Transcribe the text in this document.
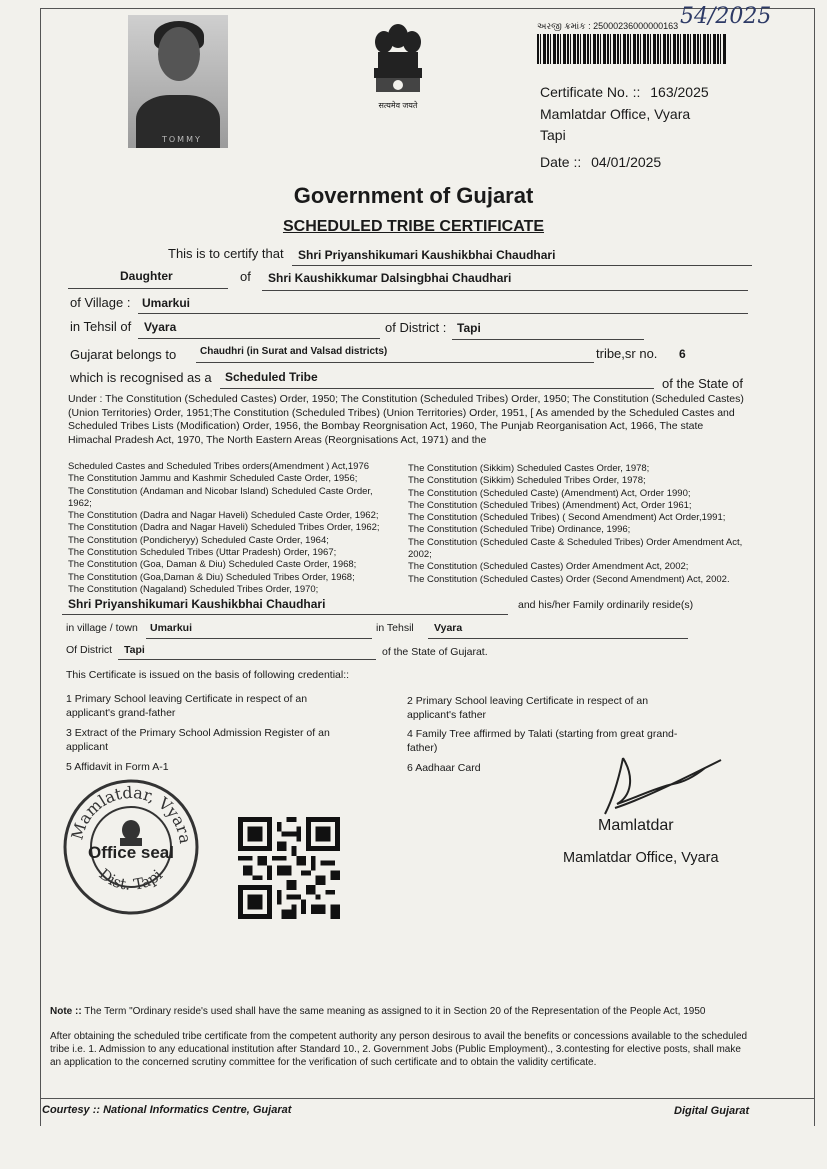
TOMMY
सत्यमेव जयते
અરજી ક્રમાંક : 25000236000000163 54/2025
Certificate No. :: 163/2025
Mamlatdar Office, Vyara
Tapi
Date :: 04/01/2025
Government of Gujarat
SCHEDULED TRIBE CERTIFICATE
This is to certify that Shri Priyanshikumari Kaushikbhai Chaudhari
Daughter	of Shri Kaushikkumar Dalsingbhai Chaudhari
of Village : Umarkui
in Tehsil of Vyara	of District : Tapi
Gujarat belongs to Chaudhri (in Surat and Valsad districts)	tribe,sr no. 6
which is recognised as a Scheduled Tribe	of the State of
Under : The Constitution (Scheduled Castes) Order, 1950; The Constitution (Scheduled Tribes) Order, 1950; The Constitution (Scheduled Castes) (Union Territories) Order, 1951;The Constitution (Scheduled Tribes) (Union Territories) Order, 1951, [ As amended by the Scheduled Castes and Scheduled Tribes Lists (Modification) Order, 1956, the Bombay Reorgnisation Act, 1960, The Punjab Reorganisation Act, 1966, The state Himachal Pradesh Act, 1970, The North Eastern Areas (Reorgnisations Act, 1971) and the
Scheduled Castes and Scheduled Tribes orders(Amendment ) Act,1976
The Constitution Jammu and Kashmir Scheduled Caste Order, 1956;
The Constitution (Andaman and Nicobar Island) Scheduled Caste Order, 1962;
The Constitution (Dadra and Nagar Haveli) Scheduled Caste Order, 1962;
The Constitution (Dadra and Nagar Haveli) Scheduled Tribes Order, 1962;
The Constitution (Pondicheryy) Scheduled Caste Order, 1964;
The Constitution Scheduled Tribes (Uttar Pradesh) Order, 1967;
The Constitution (Goa, Daman & Diu) Scheduled Caste Order, 1968;
The Constitution (Goa,Daman & Diu) Scheduled Tribes Order, 1968;
The Constitution (Nagaland) Scheduled Tribes Order, 1970;
The Constitution (Sikkim) Scheduled Castes Order, 1978;
The Constitution (Sikkim) Scheduled Tribes Order, 1978;
The Constitution (Scheduled Caste) (Amendment) Act, Order 1990;
The Constitution (Scheduled Tribes) (Amendment) Act, Order 1961;
The Constitution (Scheduled Tribes) ( Second Amendment) Act Order,1991;
The Constitution (Scheduled Tribe) Ordinance, 1996;
The Constitution (Scheduled Caste & Scheduled Tribes) Order Amendment Act, 2002;
The Constitution (Scheduled Castes) Order Amendment Act, 2002;
The Constitution (Scheduled Castes) Order (Second Amendment) Act, 2002.
Shri Priyanshikumari Kaushikbhai Chaudhari	and his/her Family ordinarily reside(s)
in village / town Umarkui	in Tehsil Vyara
Of District Tapi	of the State of Gujarat.
This Certificate is issued on the basis of following credential::
1 Primary School leaving Certificate in respect of an applicant's grand-father
2 Primary School leaving Certificate in respect of an applicant's father
3 Extract of the Primary School Admission Register of an applicant
4 Family Tree affirmed by Talati (starting from great grand-father)
5 Affidavit in Form A-1	6 Aadhaar Card
Mamlatdar, Vyara
Dist. Tapi
Office seal
Mamlatdar
Mamlatdar Office, Vyara
Note :: The Term "Ordinary reside's used shall have the same meaning as assigned to it in Section 20 of the Representation of the People Act, 1950
After obtaining the scheduled tribe certificate from the competent authority any person desirous to avail the benefits or concessions available to the scheduled tribe i.e. 1. Admission to any educational institution after Standard 10., 2. Government Jobs (Public Employment)., 3.contesting for elective posts, shall make an application to the concerned scrutiny committee for the verification of such certificate and to obtain the validity certificate.
Courtesy :: National Informatics Centre, Gujarat	Digital Gujarat
